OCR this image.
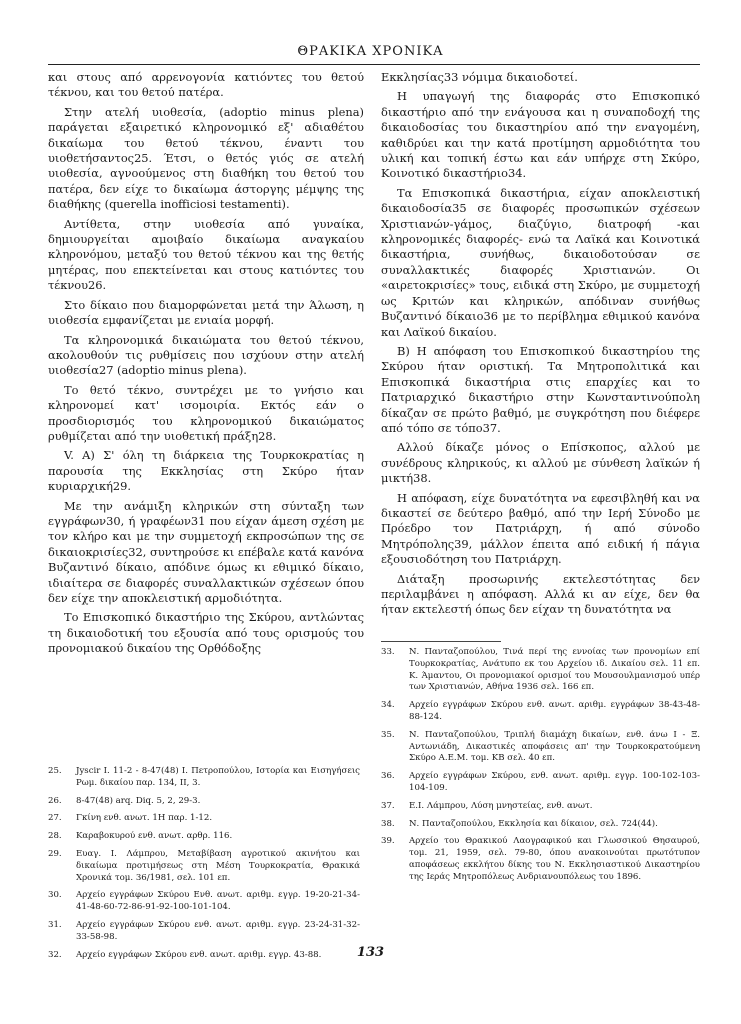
ΘΡΑΚΙΚΑ ΧΡΟΝΙΚΑ

και στους από αρρενογονία κατιόντες του θετού τέκνου, και του θετού πατέρα.

Στην ατελή υιοθεσία, (adoptio minus plena) παράγεται εξαιρετικό κληρονομικό εξ' αδιαθέτου δικαίωμα του θετού τέκνου, έναντι του υιοθετήσαντος25. Έτσι, ο θετός γιός σε ατελή υιοθεσία, αγνοούμενος στη διαθήκη του θετού του πατέρα, δεν είχε το δικαίωμα άστοργης μέμψης της διαθήκης (querella inofficiosi testamenti).

Αντίθετα, στην υιοθεσία από γυναίκα, δημιουργείται αμοιβαίο δικαίωμα αναγκαίου κληρονόμου, μεταξύ του θετού τέκνου και της θετής μητέρας, που επεκτείνεται και στους κατιόντες του τέκνου26.

Στο δίκαιο που διαμορφώνεται μετά την Άλωση, η υιοθεσία εμφανίζεται με ενιαία μορφή.

Τα κληρονομικά δικαιώματα του θετού τέκνου, ακολουθούν τις ρυθμίσεις που ισχύουν στην ατελή υιοθεσία27 (adoptio minus plena).

Το θετό τέκνο, συντρέχει με το γνήσιο και κληρονομεί κατ' ισομοιρία. Εκτός εάν ο προσδιορισμός του κληρονομικού δικαιώματος ρυθμίζεται από την υιοθετική πράξη28.

V. A) Σ' όλη τη διάρκεια της Τουρκοκρατίας η παρουσία της Εκκλησίας στη Σκύρο ήταν κυριαρχική29.

Με την ανάμιξη κληρικών στη σύνταξη των εγγράφων30, ή γραφέων31 που είχαν άμεση σχέση με τον κλήρο και με την συμμετοχή εκπροσώπων της σε δικαιοκρισίες32, συντηρούσε κι επέβαλε κατά κανόνα Βυζαντινό δίκαιο, απόδινε όμως κι εθιμικό δίκαιο, ιδιαίτερα σε διαφορές συναλλακτικών σχέσεων όπου δεν είχε την αποκλειστική αρμοδιότητα.

Το Επισκοπικό δικαστήριο της Σκύρου, αντλώντας τη δικαιοδοτική του εξουσία από τους ορισμούς του προνομιακού δικαίου της Ορθόδοξης

Εκκλησίας33 νόμιμα δικαιοδοτεί.

Η υπαγωγή της διαφοράς στο Επισκοπικό δικαστήριο από την ενάγουσα και η συναποδοχή της δικαιοδοσίας του δικαστηρίου από την εναγομένη, καθιδρύει και την κατά προτίμηση αρμοδιότητα του υλική και τοπική έστω και εάν υπήρχε στη Σκύρο, Κοινοτικό δικαστήριο34.

Τα Επισκοπικά δικαστήρια, είχαν αποκλειστική δικαιοδοσία35 σε διαφορές προσωπικών σχέσεων Χριστιανών-γάμος, διαζύγιο, διατροφή -και κληρονομικές διαφορές- ενώ τα Λαϊκά και Κοινοτικά δικαστήρια, συνήθως, δικαιοδοτούσαν σε συναλλακτικές διαφορές Χριστιανών. Οι «αιρετοκρισίες» τους, ειδικά στη Σκύρο, με συμμετοχή ως Κριτών και κληρικών, απόδιναν συνήθως Βυζαντινό δίκαιο36 με το περίβλημα εθιμικού κανόνα και Λαϊκού δικαίου.

B) Η απόφαση του Επισκοπικού δικαστηρίου της Σκύρου ήταν οριστική. Τα Μητροπολιτικά και Επισκοπικά δικαστήρια στις επαρχίες και το Πατριαρχικό δικαστήριο στην Κωνσταντινούπολη δίκαζαν σε πρώτο βαθμό, με συγκρότηση που διέφερε από τόπο σε τόπο37.

Αλλού δίκαζε μόνος ο Επίσκοπος, αλλού με συνέδρους κληρικούς, κι αλλού με σύνθεση λαϊκών ή μικτή38.

Η απόφαση, είχε δυνατότητα να εφεσιβληθή και να δικαστεί σε δεύτερο βαθμό, από την Ιερή Σύνοδο με Πρόεδρο τον Πατριάρχη, ή από σύνοδο Μητρόπολης39, μάλλον έπειτα από ειδική ή πάγια εξουσιοδότηση του Πατριάρχη.

Διάταξη προσωρινής εκτελεστότητας δεν περιλαμβάνει η απόφαση. Αλλά κι αν είχε, δεν θα ήταν εκτελεστή όπως δεν είχαν τη δυνατότητα να

25.	Jyscir I. 11-2 - 8-47(48) Ι. Πετροπούλου, Ιστορία και Εισηγήσεις Ρωμ. δικαίου παρ. 134, ΙΙ, 3.
26.	8-47(48) arq. Diq. 5, 2, 29-3.
27.	Γκίνη ενθ. ανωτ. 1Η παρ. 1-12.
28.	Καραβοκυρού ενθ. ανωτ. αρθρ. 116.
29.	Ευαγ. Ι. Λάμπρου, Μεταβίβαση αγροτικού ακινήτου και δικαίωμα προτιμήσεως στη Μέση Τουρκοκρατία, Θρακικά Χρονικά τομ. 36/1981, σελ. 101 επ.
30.	Αρχείο εγγράφων Σκύρου Ενθ. ανωτ. αριθμ. εγγρ. 19-20-21-34-41-48-60-72-86-91-92-100-101-104.
31.	Αρχείο εγγράφων Σκύρου ενθ. ανωτ. αριθμ. εγγρ. 23-24-31-32-33-58-98.
32.	Αρχείο εγγράφων Σκύρου ενθ. ανωτ. αριθμ. εγγρ. 43-88.
33.	Ν. Πανταζοπούλου, Τινά περί της εννοίας των προνομίων επί Τουρκοκρατίας, Ανάτυπο εκ του Αρχείου ιδ. Δικαίου σελ. 11 επ. Κ. Άμαντου, Οι προνομιακοί ορισμοί του Μουσουλμανισμού υπέρ των Χριστιανών, Αθήνα 1936 σελ. 166 επ.
34.	Αρχείο εγγράφων Σκύρου ενθ. ανωτ. αριθμ. εγγράφων 38-43-48-88-124.
35.	Ν. Πανταζοπούλου, Τριπλή διαμάχη δικαίων, ενθ. άνω Ι - Ξ. Αντωνιάδη, Δικαστικές αποφάσεις απ' την Τουρκοκρατούμενη Σκύρο Α.Ε.Μ. τομ. ΚΒ σελ. 40 επ.
36.	Αρχείο εγγράφων Σκύρου, ενθ. ανωτ. αριθμ. εγγρ. 100-102-103-104-109.
37.	Ε.Ι. Λάμπρου, Λύση μνηστείας, ενθ. ανωτ.
38.	Ν. Πανταζοπούλου, Εκκλησία και δίκαιον, σελ. 724(44).
39.	Αρχείο του Θρακικού Λαογραφικού και Γλωσσικού Θησαυρού, τομ. 21, 1959, σελ. 79-80, όπου ανακοινούται πρωτότυπον αποφάσεως εκκλήτου δίκης του Ν. Εκκλησιαστικού Δικαστηρίου της Ιεράς Μητροπόλεως Ανδριανουπόλεως του 1896.
133
